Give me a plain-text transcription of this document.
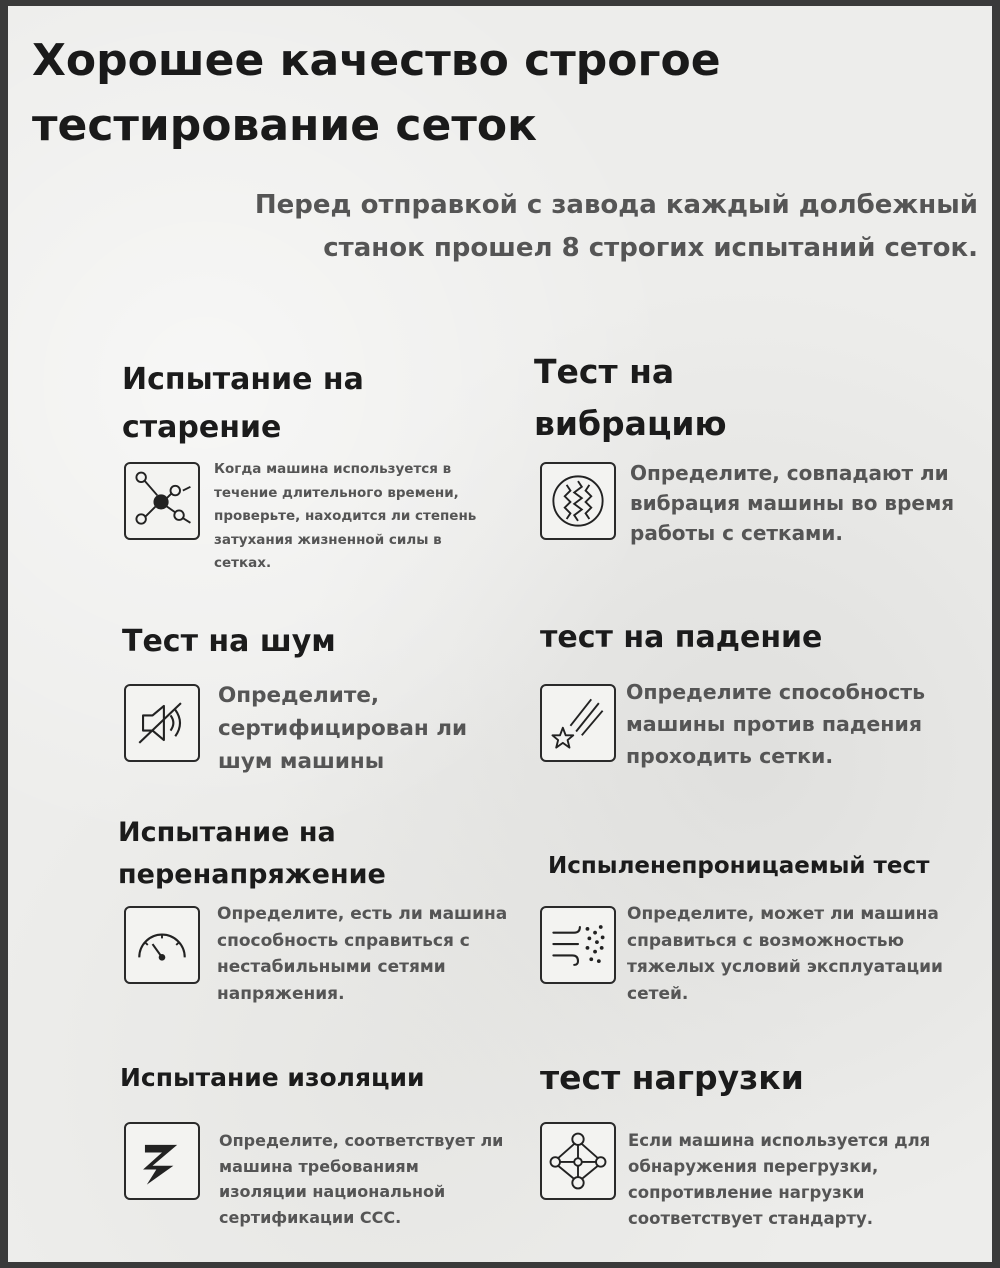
Хорошее качество строгое
тестирование сеток
Перед отправкой с завода каждый долбежный
станок прошел 8 строгих испытаний сеток.
Испытание на
старение
Когда машина используется в
течение длительного времени,
проверьте, находится ли степень
затухания жизненной силы в
сетках.
Тест на
вибрацию
Определите, совпадают ли
вибрация машины во время
работы с сетками.
Тест на шум
Определите,
сертифицирован ли
шум машины
тест на падение
Определите способность
машины против падения
проходить сетки.
Испытание на
перенапряжение
Определите, есть ли машина
способность справиться с
нестабильными сетями
напряжения.
Испыленепроницаемый тест
Определите, может ли машина
справиться с возможностью
тяжелых условий эксплуатации
сетей.
Испытание изоляции
Определите, соответствует ли
машина требованиям
изоляции национальной
сертификации CCC.
тест нагрузки
Если машина используется для
обнаружения перегрузки,
сопротивление нагрузки
соответствует стандарту.
